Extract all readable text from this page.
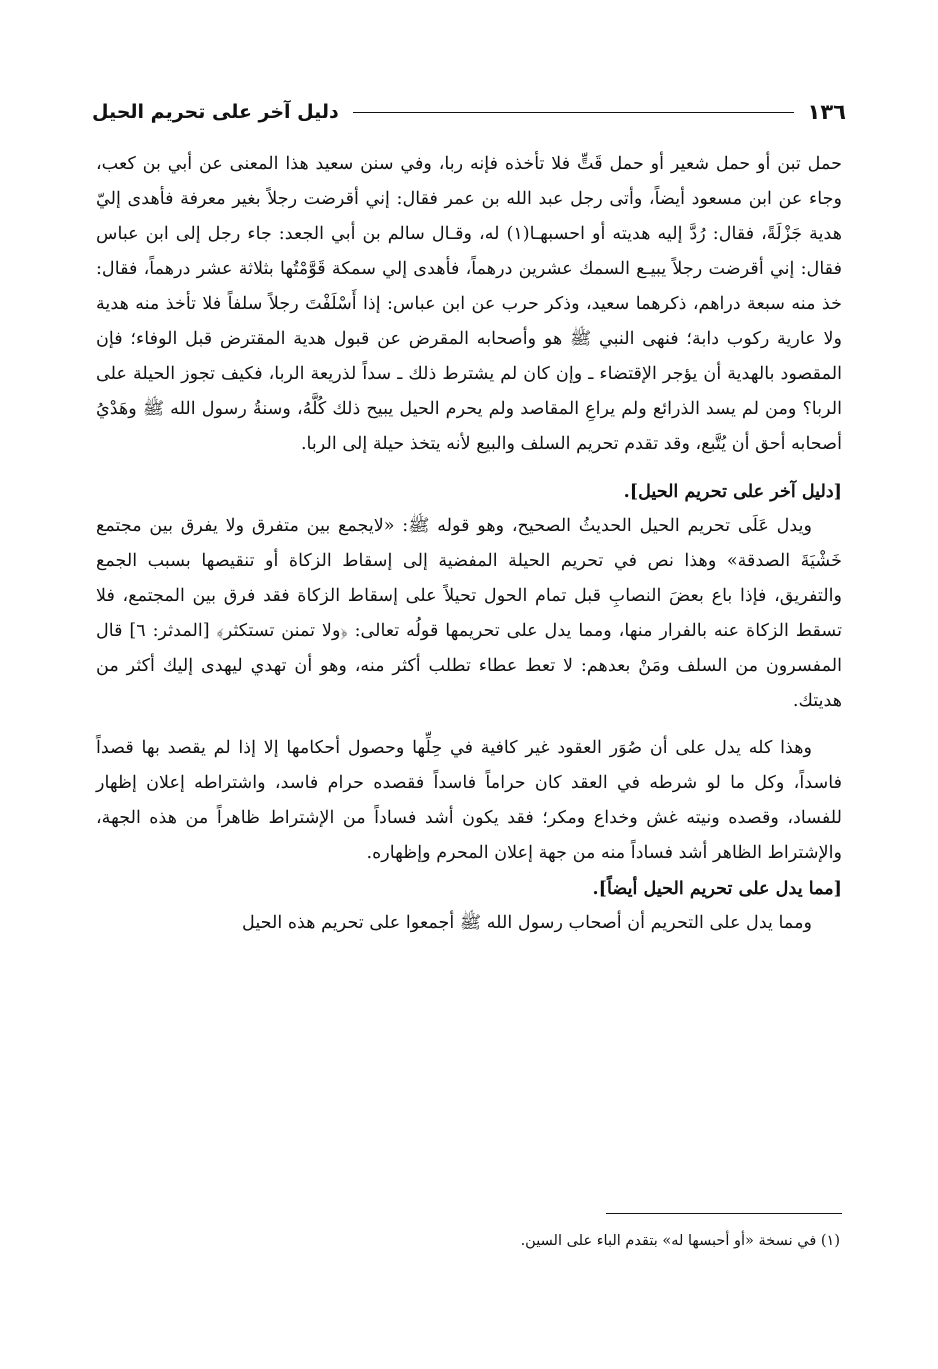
١٣٦
دليل آخر على تحريم الحيل

حمل تبن أو حمل شعير أو حمل قَتٍّ فلا تأخذه فإنه ربا، وفي سنن سعيد هذا المعنى عن أبي بن كعب، وجاء عن ابن مسعود أيضاً، وأتى رجل عبد الله بن عمر فقال: إني أقرضت رجلاً بغير معرفة فأهدى إليّ هدية جَزْلَةً، فقال: رُدَّ إليه هديته أو احسبهـا(١) له، وقـال سالم بن أبي الجعد: جاء رجل إلى ابن عباس فقال: إني أقرضت رجلاً يبيـع السمك عشرين درهماً، فأهدى إلي سمكة قَوَّمْتُها بثلاثة عشر درهماً، فقال: خذ منه سبعة دراهم، ذكرهما سعيد، وذكر حرب عن ابن عباس: إذا أَسْلَفْتَ رجلاً سلفاً فلا تأخذ منه هدية ولا عارية ركوب دابة؛ فنهى النبي ﷺ هو وأصحابه المقرض عن قبول هدية المقترض قبل الوفاء؛ فإن المقصود بالهدية أن يؤجر الإقتضاء ـ وإن كان لم يشترط ذلك ـ سداً لذريعة الربا، فكيف تجوز الحيلة على الربا؟ ومن لم يسد الذرائع ولم يراعِ المقاصد ولم يحرم الحيل يبيح ذلك كُلَّهُ، وسنةُ رسول الله ﷺ وهَدْيُ أصحابه أحق أن يُتَّبع، وقد تقدم تحريم السلف والبيع لأنه يتخذ حيلة إلى الربا.

[دليل آخر على تحريم الحيل].

ويدل عَلَى تحريم الحيل الحديثُ الصحيح، وهو قوله ﷺ: «لايجمع بين متفرق ولا يفرق بين مجتمع خَشْيَةَ الصدقة» وهذا نص في تحريم الحيلة المفضية إلى إسقاط الزكاة أو تنقيصها بسبب الجمع والتفريق، فإذا باع بعضَ النصابِ قبل تمام الحول تحيلاً على إسقاط الزكاة فقد فرق بين المجتمع، فلا تسقط الزكاة عنه بالفرار منها، ومما يدل على تحريمها قولُه تعالى: ﴿ولا تمنن تستكثر﴾ [المدثر: ٦] قال المفسرون من السلف ومَنْ بعدهم: لا تعط عطاء تطلب أكثر منه، وهو أن تهدي ليهدى إليك أكثر من هديتك.

وهذا كله يدل على أن صُوَر العقود غير كافية في حِلِّها وحصول أحكامها إلا إذا لم يقصد بها قصداً فاسداً، وكل ما لو شرطه في العقد كان حراماً فاسداً فقصده حرام فاسد، واشتراطه إعلان إظهار للفساد، وقصده ونيته غش وخداع ومكر؛ فقد يكون أشد فساداً من الإشتراط ظاهراً من هذه الجهة، والإشتراط الظاهر أشد فساداً منه من جهة إعلان المحرم وإظهاره.

[مما يدل على تحريم الحيل أيضاً].

ومما يدل على التحريم أن أصحاب رسول الله ﷺ أجمعوا على تحريم هذه الحيل

(١) في نسخة «أو أحبسها له» بتقدم الباء على السين.
